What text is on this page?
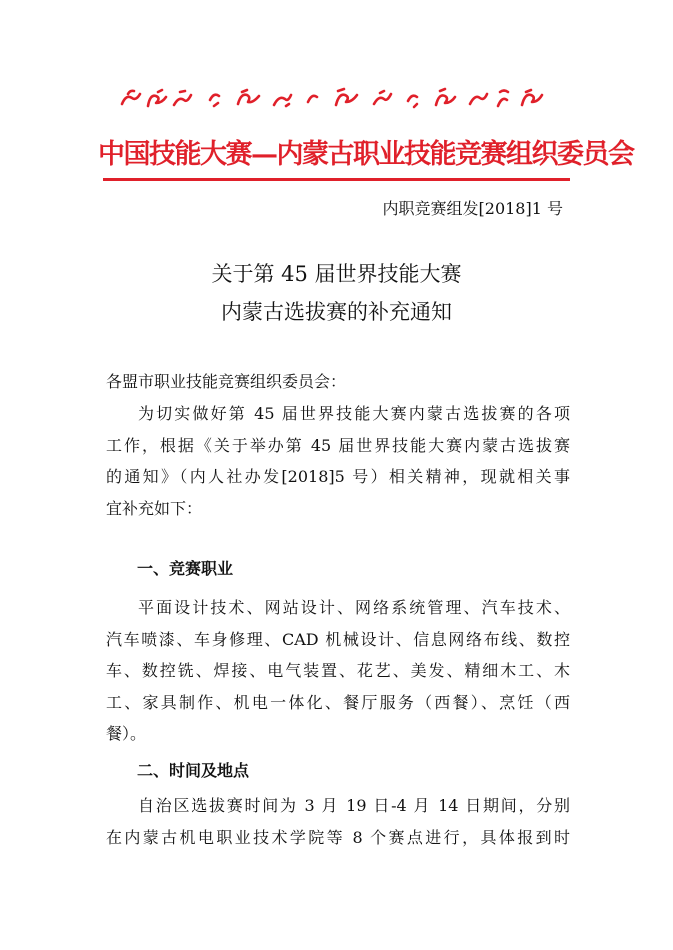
中国技能大赛—内蒙古职业技能竞赛组织委员会
内职竞赛组发[2018]1 号
关于第 45 届世界技能大赛
内蒙古选拔赛的补充通知
各盟市职业技能竞赛组织委员会：
为切实做好第 45 届世界技能大赛内蒙古选拔赛的各项
工作，根据《关于举办第 45 届世界技能大赛内蒙古选拔赛
的通知》（内人社办发[2018]5 号）相关精神，现就相关事
宜补充如下：
一、竞赛职业
平面设计技术、网站设计、网络系统管理、汽车技术、
汽车喷漆、车身修理、CAD 机械设计、信息网络布线、数控
车、数控铣、焊接、电气装置、花艺、美发、精细木工、木
工、家具制作、机电一体化、餐厅服务（西餐）、烹饪（西
餐）。
二、时间及地点
自治区选拔赛时间为 3 月 19 日-4 月 14 日期间，分别
在内蒙古机电职业技术学院等 8 个赛点进行，具体报到时
